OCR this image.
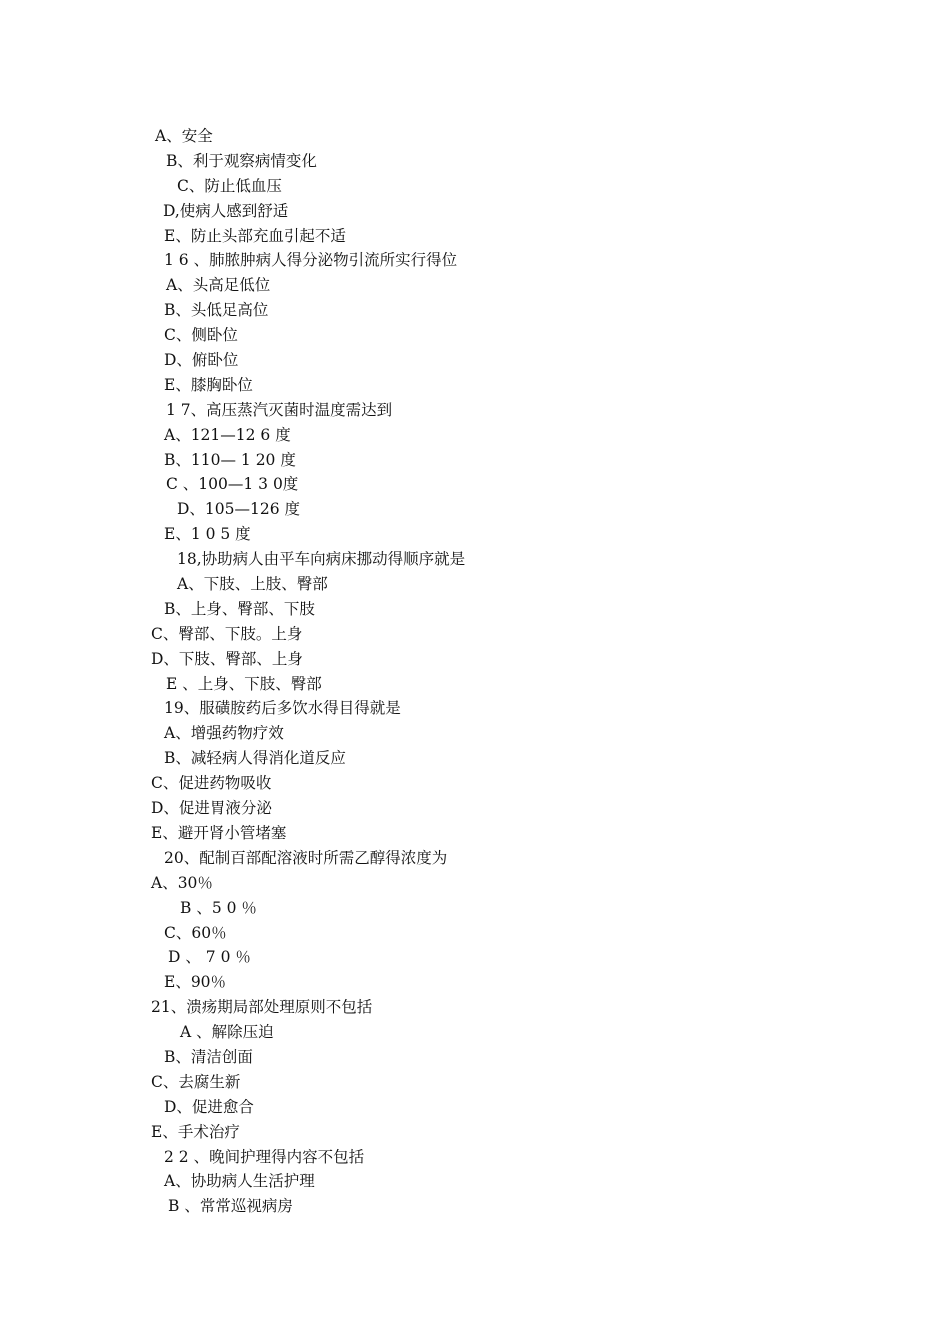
A、安全
B、利于观察病情变化
C、防止低血压
D,使病人感到舒适
E、防止头部充血引起不适
1 6 、肺脓肿病人得分泌物引流所实行得位
A、头高足低位
B、头低足高位
C、侧卧位
D、俯卧位
E、膝胸卧位
1 7、高压蒸汽灭菌时温度需达到
A、121—12 6 度
B、110— 1 20 度
C 、100—1 3 0度
D、105—126 度
E、1 0 5 度
18,协助病人由平车向病床挪动得顺序就是
A、下肢、上肢、臀部
B、上身、臀部、下肢
C、臀部、下肢。上身
D、下肢、臀部、上身
E 、上身、下肢、臀部
19、服磺胺药后多饮水得目得就是
A、增强药物疗效
B、减轻病人得消化道反应
C、促进药物吸收
D、促进胃液分泌
E、避开肾小管堵塞
20、配制百部配溶液时所需乙醇得浓度为
A、30％
B 、5 0 ％
C、60％
D 、 7 0 ％
E、90％
21、溃疡期局部处理原则不包括
A 、解除压迫
B、清洁创面
C、去腐生新
D、促进愈合
E、手术治疗
2 2 、晚间护理得内容不包括
A、协助病人生活护理
B 、常常巡视病房
